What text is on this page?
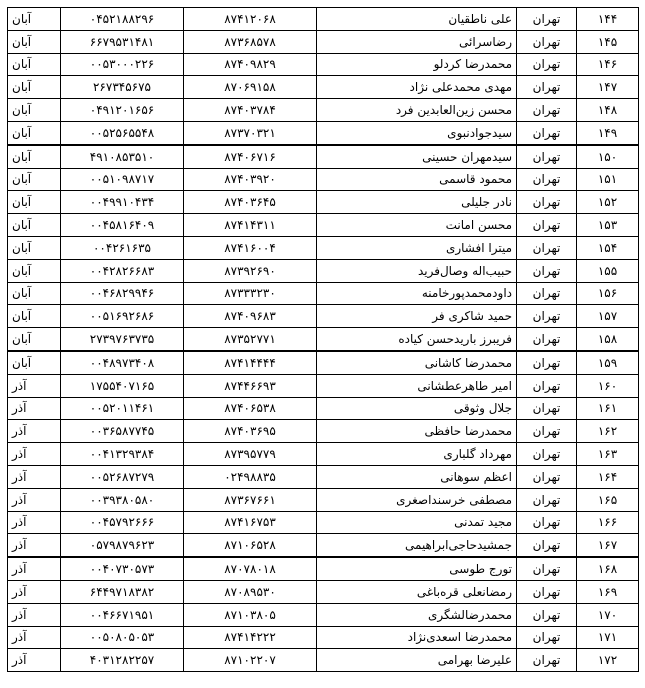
۱۴۴	تهران	علی ناطقیان	۸۷۴۱۲۰۶۸	۰۴۵۲۱۸۸۲۹۶	آبان
۱۴۵	تهران	رضاسرائی	۸۷۳۶۸۵۷۸	۶۶۷۹۵۳۱۴۸۱	آبان
۱۴۶	تهران	محمدرضا کردلو	۸۷۴۰۹۸۲۹	۰۰۵۳۰۰۰۲۲۶	آبان
۱۴۷	تهران	مهدی محمدعلی نژاد	۸۷۰۶۹۱۵۸	۲۶۷۳۴۵۶۷۵	آبان
۱۴۸	تهران	محسن زین‌العابدین فرد	۸۷۴۰۳۷۸۴	۰۴۹۱۲۰۱۶۵۶	آبان
۱۴۹	تهران	سیدجوادنبوی	۸۷۳۷۰۳۲۱	۰۰۵۲۵۶۵۵۴۸	آبان
۱۵۰	تهران	سیدمهران حسینی	۸۷۴۰۶۷۱۶	۴۹۱۰۸۵۳۵۱۰	آبان
۱۵۱	تهران	محمود قاسمی	۸۷۴۰۳۹۲۰	۰۰۵۱۰۹۸۷۱۷	آبان
۱۵۲	تهران	نادر جلیلی	۸۷۴۰۳۶۴۵	۰۰۴۹۹۱۰۴۳۴	آبان
۱۵۳	تهران	محسن امانت	۸۷۴۱۴۳۱۱	۰۰۴۵۸۱۶۴۰۹	آبان
۱۵۴	تهران	میترا افشاری	۸۷۴۱۶۰۰۴	۰۰۴۲۶۱۶۳۵	آبان
۱۵۵	تهران	حبیب‌اله وصال‌فرید	۸۷۳۹۲۶۹۰	۰۰۴۲۸۲۶۶۸۳	آبان
۱۵۶	تهران	داودمحمدپورخامنه	۸۷۳۳۳۲۳۰	۰۰۴۶۸۲۹۹۴۶	آبان
۱۵۷	تهران	حمید شاکری فر	۸۷۴۰۹۶۸۳	۰۰۵۱۶۹۲۶۸۶	آبان
۱۵۸	تهران	فریبرز باریدحسن کیاده	۸۷۳۵۲۷۷۱	۲۷۳۹۷۶۳۷۳۵	آبان
۱۵۹	تهران	محمدرضا کاشانی	۸۷۴۱۴۴۴۴	۰۰۴۸۹۷۳۴۰۸	آبان
۱۶۰	تهران	امیر طاهرعطشانی	۸۷۴۴۶۶۹۳	۱۷۵۵۴۰۷۱۶۵	آذر
۱۶۱	تهران	جلال وثوقی	۸۷۴۰۶۵۳۸	۰۰۵۲۰۱۱۴۶۱	آذر
۱۶۲	تهران	محمدرضا حافظی	۸۷۴۰۳۶۹۵	۰۰۳۶۵۸۷۷۴۵	آذر
۱۶۳	تهران	مهرداد گلباری	۸۷۳۹۵۷۷۹	۰۰۴۱۳۲۹۳۸۴	آذر
۱۶۴	تهران	اعظم سوهانی	۰۲۴۹۸۸۳۵	۰۰۵۲۶۸۷۲۷۹	آذر
۱۶۵	تهران	مصطفی خرسنداصغری	۸۷۳۶۷۶۶۱	۰۰۳۹۳۸۰۵۸۰	آذر
۱۶۶	تهران	مجید تمدنی	۸۷۴۱۶۷۵۳	۰۰۴۵۷۹۲۶۶۶	آذر
۱۶۷	تهران	جمشیدحاجی‌ابراهیمی	۸۷۱۰۶۵۲۸	۰۵۷۹۸۷۹۶۲۳	آذر
۱۶۸	تهران	تورج طوسی	۸۷۰۷۸۰۱۸	۰۰۴۰۷۳۰۵۷۳	آذر
۱۶۹	تهران	رمضانعلی قره‌باغی	۸۷۰۸۹۵۳۰	۶۴۴۹۷۱۸۳۸۲	آذر
۱۷۰	تهران	محمدرضالشگری	۸۷۱۰۳۸۰۵	۰۰۴۶۶۷۱۹۵۱	آذر
۱۷۱	تهران	محمدرضا اسعدی‌نژاد	۸۷۴۱۴۲۲۲	۰۰۵۰۸۰۵۰۵۳	آذر
۱۷۲	تهران	علیرضا بهرامی	۸۷۱۰۲۲۰۷	۴۰۳۱۲۸۲۲۵۷	آذر
